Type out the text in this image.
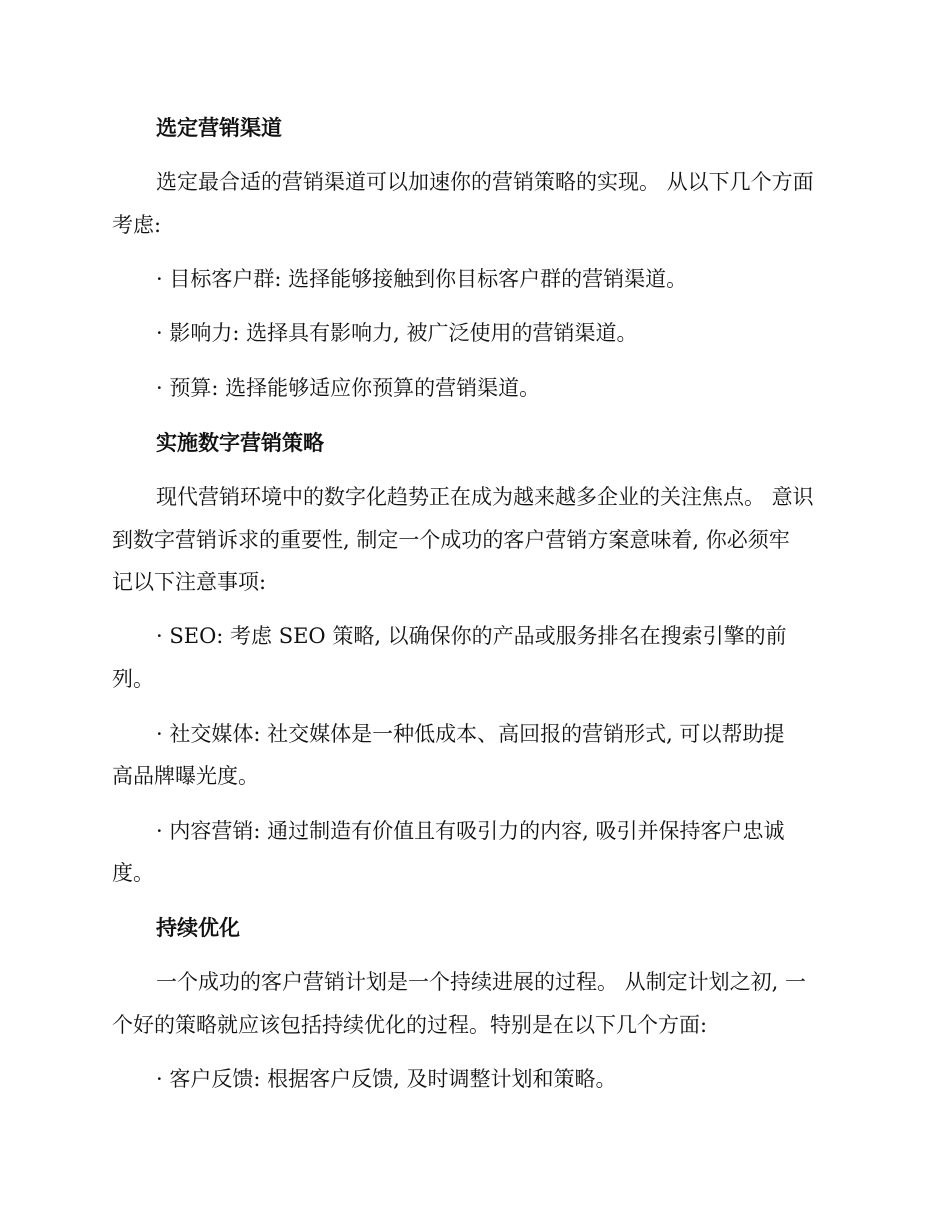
选定营销渠道
选定最合适的营销渠道可以加速你的营销策略的实现。 从以下几个方面
考虑:
· 目标客户群: 选择能够接触到你目标客户群的营销渠道。
· 影响力: 选择具有影响力, 被广泛使用的营销渠道。
· 预算: 选择能够适应你预算的营销渠道。
实施数字营销策略
现代营销环境中的数字化趋势正在成为越来越多企业的关注焦点。 意识
到数字营销诉求的重要性, 制定一个成功的客户营销方案意味着, 你必须牢
记以下注意事项:
· SEO: 考虑 SEO 策略, 以确保你的产品或服务排名在搜索引擎的前
列。
· 社交媒体: 社交媒体是一种低成本、高回报的营销形式, 可以帮助提
高品牌曝光度。
· 内容营销: 通过制造有价值且有吸引力的内容, 吸引并保持客户忠诚
度。
持续优化
一个成功的客户营销计划是一个持续进展的过程。 从制定计划之初, 一
个好的策略就应该包括持续优化的过程。特别是在以下几个方面:
· 客户反馈: 根据客户反馈, 及时调整计划和策略。
